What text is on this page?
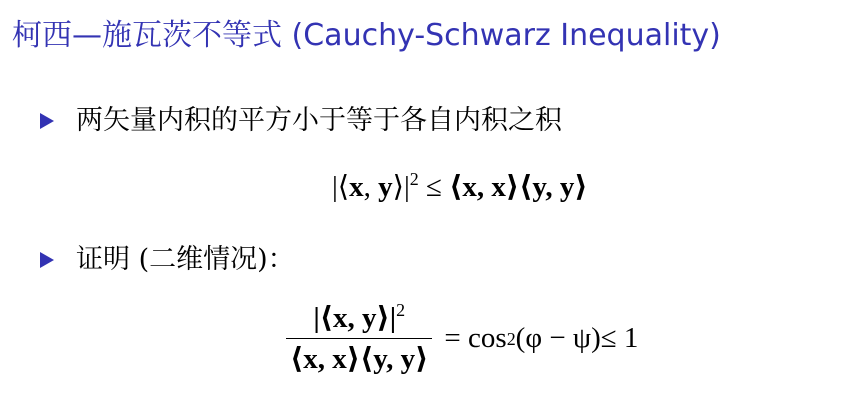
柯西—施瓦茨不等式 (Cauchy-Schwarz Inequality)
两矢量内积的平方小于等于各自内积之积
|⟨x, $y⟩|^2$ ≤ ⟨x, x⟩⟨y, y⟩
证明 (二维情况)：
$\frac{|⟨x, y⟩|^2}{⟨x, x⟩⟨y, y⟩} = \cos 2$ (φ − ψ) ≤ 1
